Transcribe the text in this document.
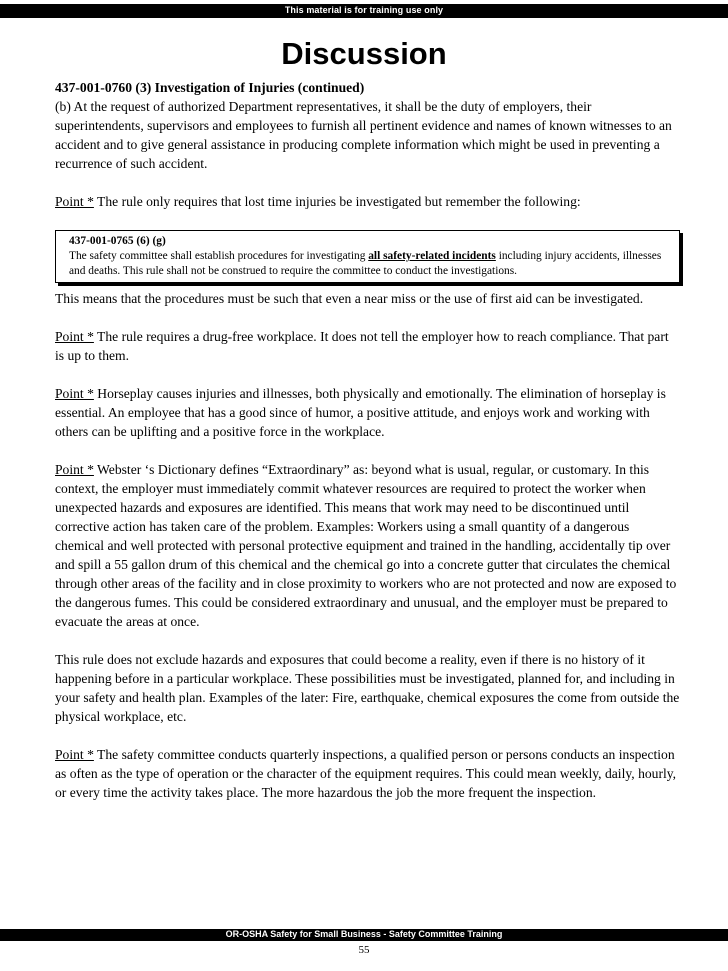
This material is for training use only
Discussion

437-001-0760 (3) Investigation of Injuries (continued)

(b) At the request of authorized Department representatives, it shall be the duty of employers, their superintendents, supervisors and employees to furnish all pertinent evidence and names of known witnesses to an accident and to give general assistance in producing complete information which might be used in preventing a recurrence of such accident.

Point * The rule only requires that lost time injuries be investigated but remember the following:

437-001-0765 (6) (g)
The safety committee shall establish procedures for investigating all safety-related incidents including injury accidents, illnesses and deaths. This rule shall not be construed to require the committee to conduct the investigations.

This means that the procedures must be such that even a near miss or the use of first aid can be investigated.

Point * The rule requires a drug-free workplace. It does not tell the employer how to reach compliance. That part is up to them.

Point * Horseplay causes injuries and illnesses, both physically and emotionally. The elimination of horseplay is essential. An employee that has a good since of humor, a positive attitude, and enjoys work and working with others can be uplifting and a positive force in the workplace.

Point * Webster ‘s Dictionary defines “Extraordinary” as: beyond what is usual, regular, or customary. In this context, the employer must immediately commit whatever resources are required to protect the worker when unexpected hazards and exposures are identified. This means that work may need to be discontinued until corrective action has taken care of the problem. Examples: Workers using a small quantity of a dangerous chemical and well protected with personal protective equipment and trained in the handling, accidentally tip over and spill a 55 gallon drum of this chemical and the chemical go into a concrete gutter that circulates the chemical through other areas of the facility and in close proximity to workers who are not protected and now are exposed to the dangerous fumes. This could be considered extraordinary and unusual, and the employer must be prepared to evacuate the areas at once.

This rule does not exclude hazards and exposures that could become a reality, even if there is no history of it happening before in a particular workplace. These possibilities must be investigated, planned for, and including in your safety and health plan. Examples of the later: Fire, earthquake, chemical exposures the come from outside the physical workplace, etc.

Point * The safety committee conducts quarterly inspections, a qualified person or persons conducts an inspection as often as the type of operation or the character of the equipment requires. This could mean weekly, daily, hourly, or every time the activity takes place. The more hazardous the job the more frequent the inspection.

OR-OSHA Safety for Small Business - Safety Committee Training
55
